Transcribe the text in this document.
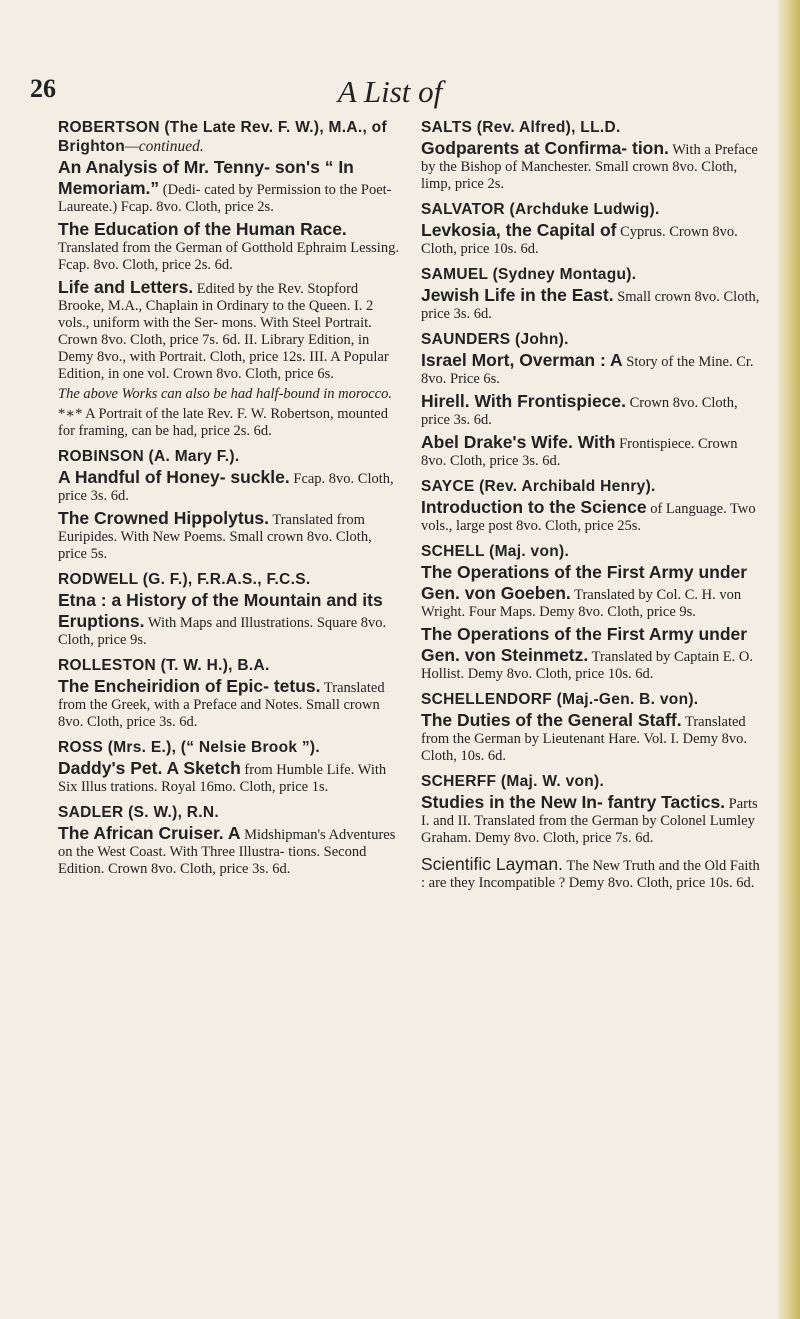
26	A List of
ROBERTSON (The Late Rev. F. W.), M.A., of Brighton—continued.
An Analysis of Mr. Tenny- son's “ In Memoriam.” (Dedi- cated by Permission to the Poet- Laureate.) Fcap. 8vo. Cloth, price 2s.
The Education of the Human Race. Translated from the German of Gotthold Ephraim Lessing. Fcap. 8vo. Cloth, price 2s. 6d.
Life and Letters. Edited by the Rev. Stopford Brooke, M.A., Chaplain in Ordinary to the Queen. I. 2 vols., uniform with the Ser- mons. With Steel Portrait. Crown 8vo. Cloth, price 7s. 6d. II. Library Edition, in Demy 8vo., with Portrait. Cloth, price 12s. III. A Popular Edition, in one vol. Crown 8vo. Cloth, price 6s.
The above Works can also be had half-bound in morocco.
*∗* A Portrait of the late Rev. F. W. Robertson, mounted for framing, can be had, price 2s. 6d.
ROBINSON (A. Mary F.).
A Handful of Honey- suckle. Fcap. 8vo. Cloth, price 3s. 6d.
The Crowned Hippolytus. Translated from Euripides. With New Poems. Small crown 8vo. Cloth, price 5s.
RODWELL (G. F.), F.R.A.S., F.C.S.
Etna : a History of the Mountain and its Eruptions. With Maps and Illustrations. Square 8vo. Cloth, price 9s.
ROLLESTON (T. W. H.), B.A.
The Encheiridion of Epic- tetus. Translated from the Greek, with a Preface and Notes. Small crown 8vo. Cloth, price 3s. 6d.
ROSS (Mrs. E.), (“ Nelsie Brook ”).
Daddy's Pet. A Sketch from Humble Life. With Six Illus trations. Royal 16mo. Cloth, price 1s.
SADLER (S. W.), R.N.
The African Cruiser. A Midshipman's Adventures on the West Coast. With Three Illustra- tions. Second Edition. Crown 8vo. Cloth, price 3s. 6d.
SALTS (Rev. Alfred), LL.D.
Godparents at Confirma- tion. With a Preface by the Bishop of Manchester. Small crown 8vo. Cloth, limp, price 2s.
SALVATOR (Archduke Ludwig).
Levkosia, the Capital of Cyprus. Crown 8vo. Cloth, price 10s. 6d.
SAMUEL (Sydney Montagu).
Jewish Life in the East. Small crown 8vo. Cloth, price 3s. 6d.
SAUNDERS (John).
Israel Mort, Overman : A Story of the Mine. Cr. 8vo. Price 6s.
Hirell. With Frontispiece. Crown 8vo. Cloth, price 3s. 6d.
Abel Drake's Wife. With Frontispiece. Crown 8vo. Cloth, price 3s. 6d.
SAYCE (Rev. Archibald Henry).
Introduction to the Science of Language. Two vols., large post 8vo. Cloth, price 25s.
SCHELL (Maj. von).
The Operations of the First Army under Gen. von Goeben. Translated by Col. C. H. von Wright. Four Maps. Demy 8vo. Cloth, price 9s.
The Operations of the First Army under Gen. von Steinmetz. Translated by Captain E. O. Hollist. Demy 8vo. Cloth, price 10s. 6d.
SCHELLENDORF (Maj.-Gen. B. von).
The Duties of the General Staff. Translated from the German by Lieutenant Hare. Vol. I. Demy 8vo. Cloth, 10s. 6d.
SCHERFF (Maj. W. von).
Studies in the New In- fantry Tactics. Parts I. and II. Translated from the German by Colonel Lumley Graham. Demy 8vo. Cloth, price 7s. 6d.
Scientific Layman. The New Truth and the Old Faith : are they Incompatible ? Demy 8vo. Cloth, price 10s. 6d.
